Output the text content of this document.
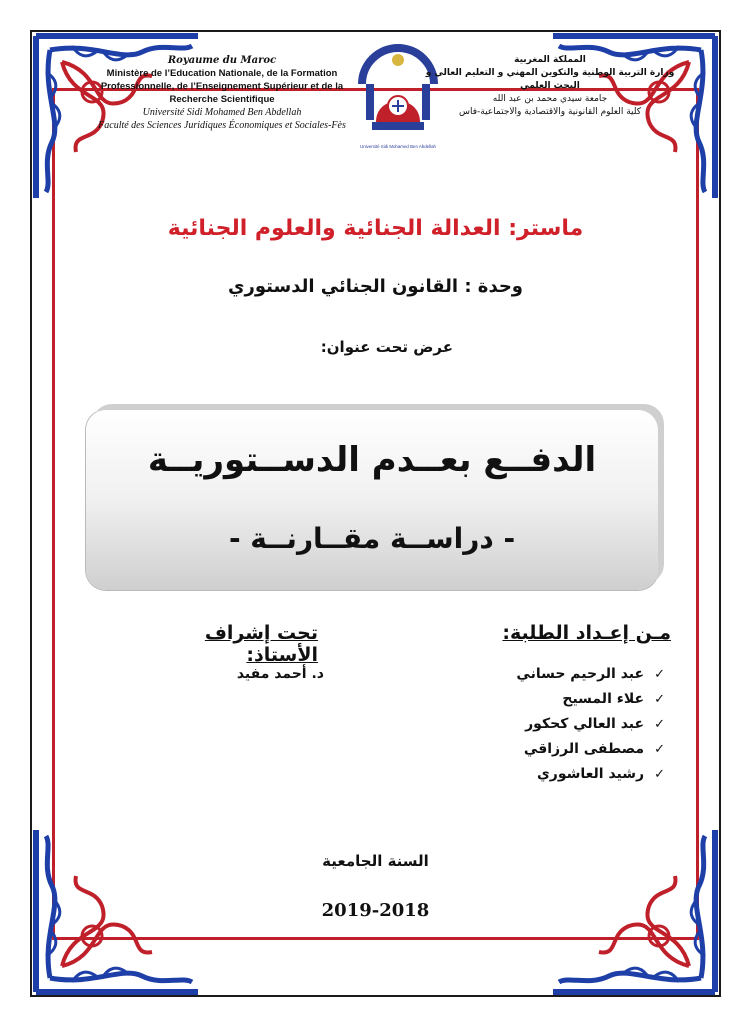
Royaume du Maroc
Ministère de l’Education Nationale, de la Formation Professionnelle, de l’Enseignement Supérieur et de la Recherche Scientifique
Université Sidi Mohamed Ben Abdellah
Faculté des Sciences Juridiques Économiques et Sociales-Fès
Université Sidi Mohamed Ben Abdellah
المملكة المغربية
وزارة التربية الوطنية والتكوين المهني و التعليم العالي و البحث العلمي
جامعة سيدي محمد بن عبد الله
كلية العلوم القانونية والاقتصادية والاجتماعية-فاس
ماستر: العدالة الجنائية والعلوم الجنائية
وحدة : القانون الجنائي الدستوري
عرض تحت عنوان:
الدفــع بعــدم الدســتوريــة
- دراســة مقــارنــة -
مـن إعـداد الطلبة:
✓
عبد الرحيم حساني
✓
علاء المسيح
✓
عبد العالي كحكور
✓
مصطفى الرزاقي
✓
رشيد العاشوري
تحت إشراف الأستاذ:
د. أحمد مفيد
السنة الجامعية
2019-2018
